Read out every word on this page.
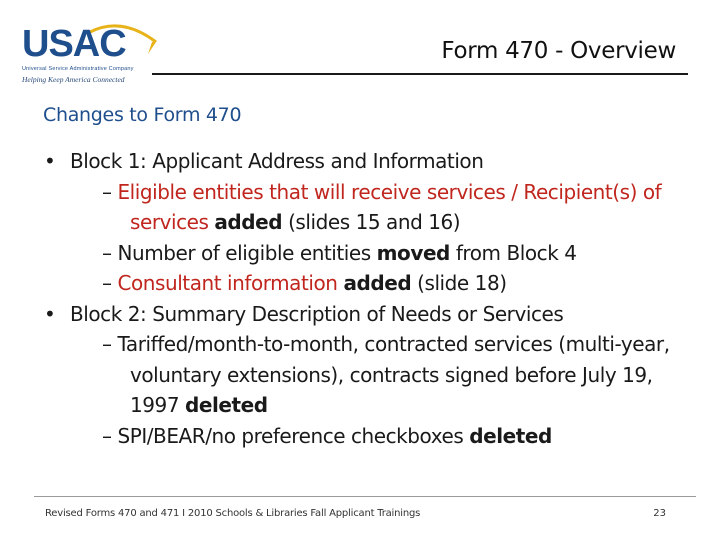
USAC
Universal Service Administrative Company
Helping Keep America Connected
Form 470 - Overview
Changes to Form 470
• Block 1: Applicant Address and Information
– Eligible entities that will receive services / Recipient(s) of services added (slides 15 and 16)
– Number of eligible entities moved from Block 4
– Consultant information added (slide 18)
• Block 2: Summary Description of Needs or Services
– Tariffed/month-to-month, contracted services (multi-year, voluntary extensions), contracts signed before July 19, 1997 deleted
– SPI/BEAR/no preference checkboxes deleted
Revised Forms 470 and 471 I 2010 Schools & Libraries Fall Applicant Trainings	23
